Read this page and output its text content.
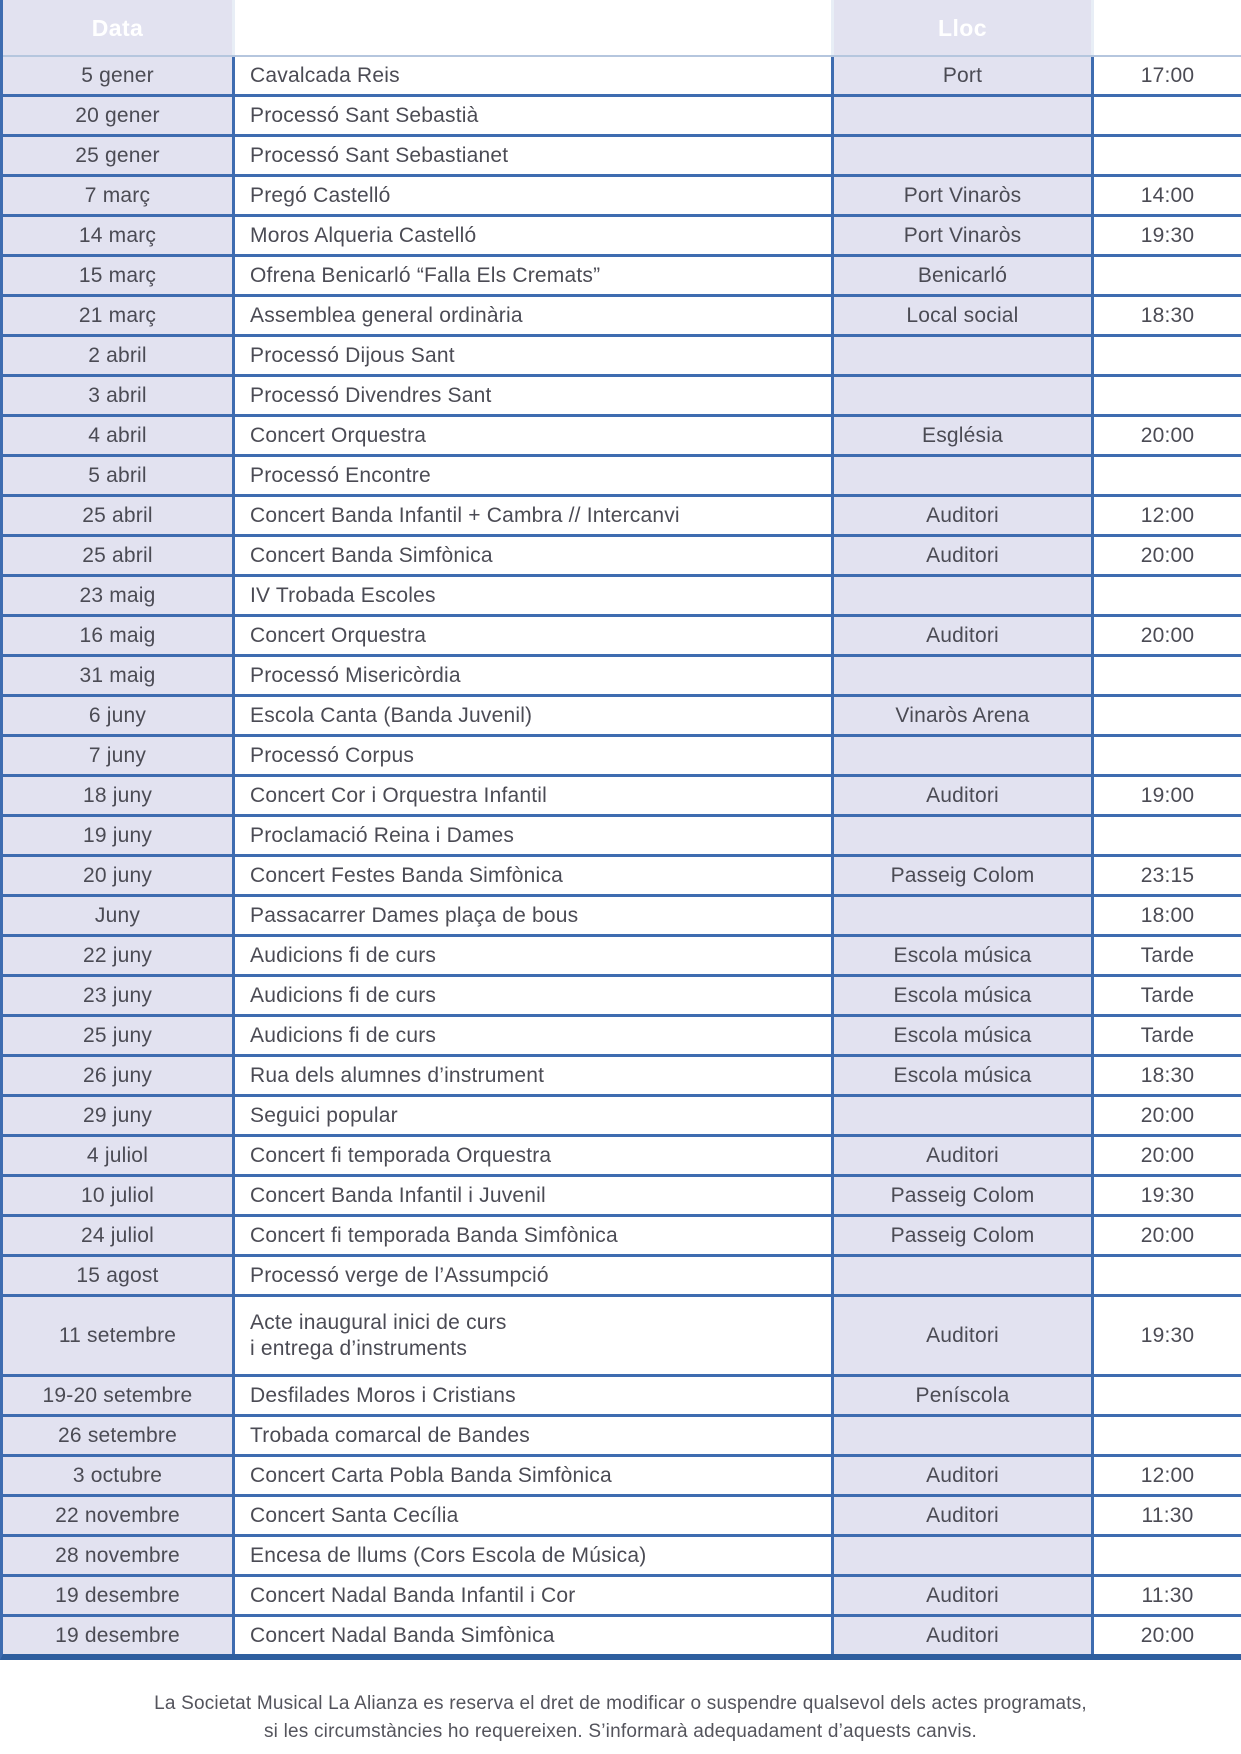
Data	Concepte	Lloc	Hora
5 gener	Cavalcada Reis	Port	17:00
20 gener	Processó Sant Sebastià
25 gener	Processó Sant Sebastianet
7 març	Pregó Castelló	Port Vinaròs	14:00
14 març	Moros Alqueria Castelló	Port Vinaròs	19:30
15 març	Ofrena Benicarló “Falla Els Cremats”	Benicarló
21 març	Assemblea general ordinària	Local social	18:30
2 abril	Processó Dijous Sant
3 abril	Processó Divendres Sant
4 abril	Concert Orquestra	Església	20:00
5 abril	Processó Encontre
25 abril	Concert Banda Infantil + Cambra // Intercanvi	Auditori	12:00
25 abril	Concert Banda Simfònica	Auditori	20:00
23 maig	IV Trobada Escoles
16 maig	Concert Orquestra	Auditori	20:00
31 maig	Processó Misericòrdia
6 juny	Escola Canta (Banda Juvenil)	Vinaròs Arena
7 juny	Processó Corpus
18 juny	Concert Cor i Orquestra Infantil	Auditori	19:00
19 juny	Proclamació Reina i Dames
20 juny	Concert Festes Banda Simfònica	Passeig Colom	23:15
Juny	Passacarrer Dames plaça de bous	18:00
22 juny	Audicions fi de curs	Escola música	Tarde
23 juny	Audicions fi de curs	Escola música	Tarde
25 juny	Audicions fi de curs	Escola música	Tarde
26 juny	Rua dels alumnes d’instrument	Escola música	18:30
29 juny	Seguici popular	20:00
4 juliol	Concert fi temporada Orquestra	Auditori	20:00
10 juliol	Concert Banda Infantil i Juvenil	Passeig Colom	19:30
24 juliol	Concert fi temporada Banda Simfònica	Passeig Colom	20:00
15 agost	Processó verge de l’Assumpció
11 setembre
Acte inaugural inici de curs
i entrega d’instruments
Auditori	19:30
19-20 setembre	Desfilades Moros i Cristians	Peníscola
26 setembre	Trobada comarcal de Bandes
3 octubre	Concert Carta Pobla Banda Simfònica	Auditori	12:00
22 novembre	Concert Santa Cecília	Auditori	11:30
28 novembre	Encesa de llums (Cors Escola de Música)
19 desembre	Concert Nadal Banda Infantil i Cor	Auditori	11:30
19 desembre	Concert Nadal Banda Simfònica	Auditori	20:00
La Societat Musical La Alianza es reserva el dret de modificar o suspendre qualsevol dels actes programats,
si les circumstàncies ho requereixen. S’informarà adequadament d’aquests canvis.
